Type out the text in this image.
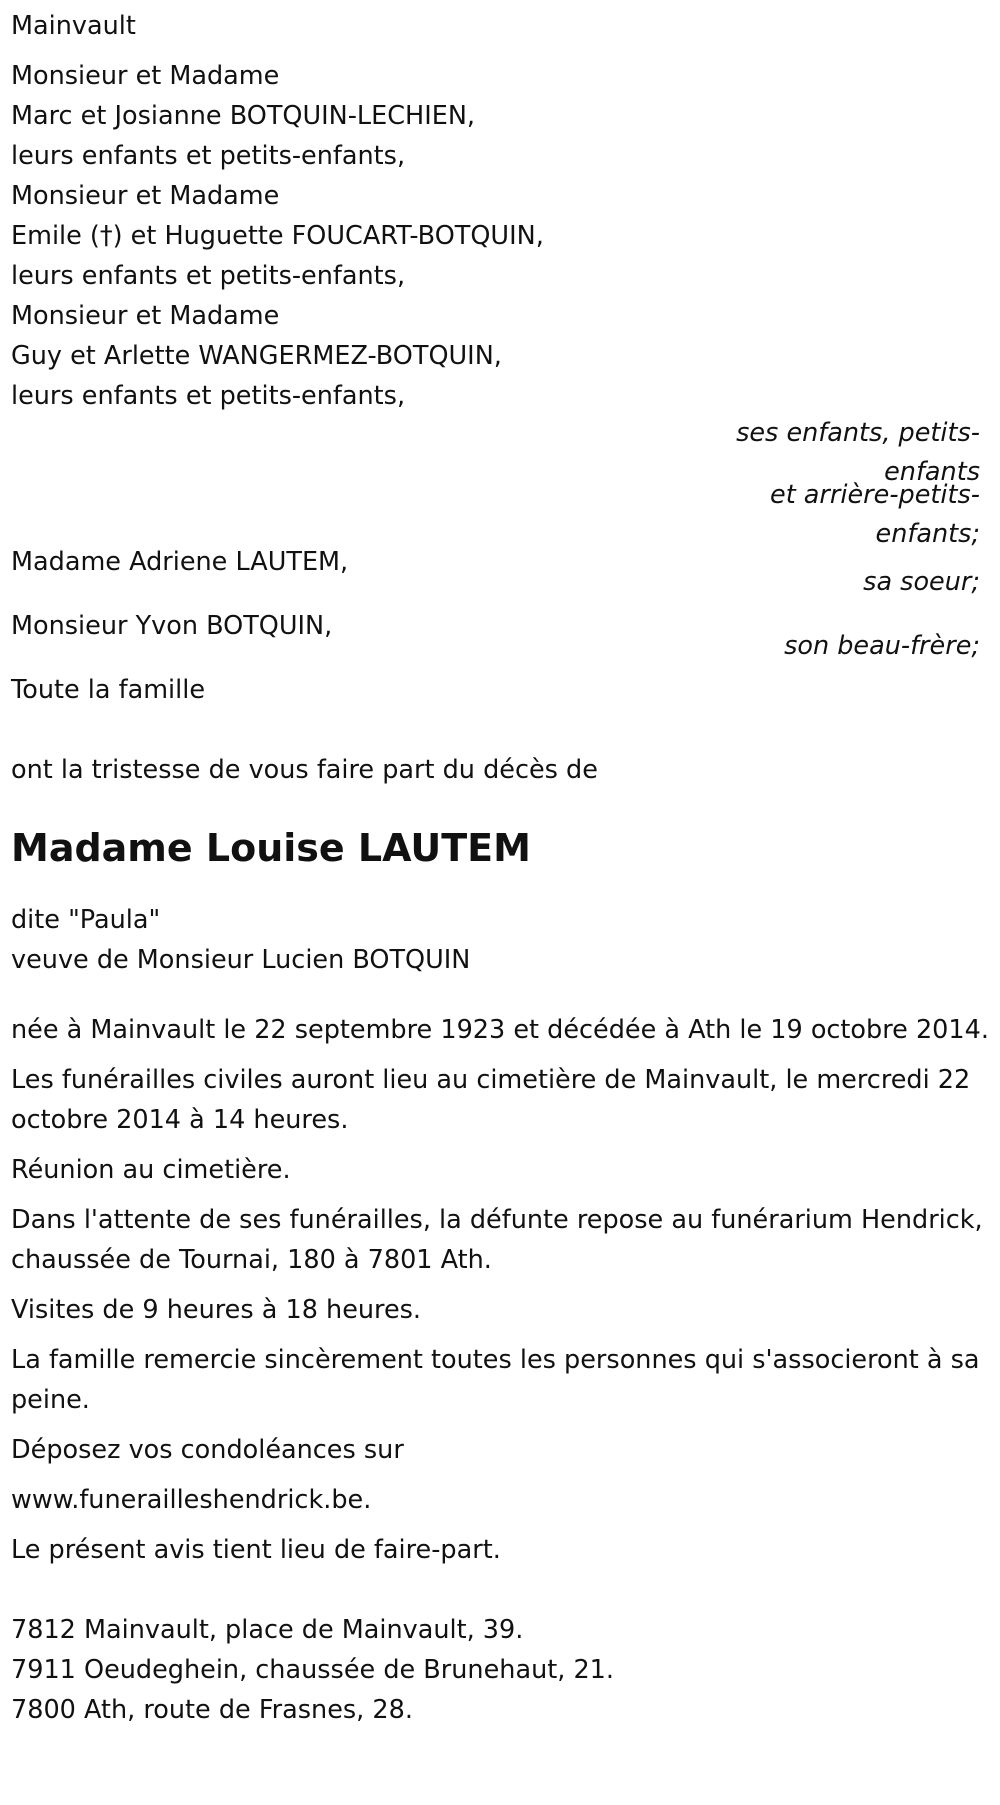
Mainvault
Monsieur et Madame
Marc et Josianne BOTQUIN-LECHIEN,
leurs enfants et petits-enfants,
Monsieur et Madame
Emile (†) et Huguette FOUCART-BOTQUIN,
leurs enfants et petits-enfants,
Monsieur et Madame
Guy et Arlette WANGERMEZ-BOTQUIN,
leurs enfants et petits-enfants,
ses enfants, petits-enfants
et arrière-petits-enfants;
Madame Adriene LAUTEM,
sa soeur;
Monsieur Yvon BOTQUIN,
son beau-frère;
Toute la famille
ont la tristesse de vous faire part du décès de
Madame Louise LAUTEM
dite "Paula"
veuve de Monsieur Lucien BOTQUIN
née à Mainvault le 22 septembre 1923 et décédée à Ath le 19 octobre 2014.
Les funérailles civiles auront lieu au cimetière de Mainvault, le mercredi 22 octobre 2014 à 14 heures.
Réunion au cimetière.
Dans l'attente de ses funérailles, la défunte repose au funérarium Hendrick, chaussée de Tournai, 180 à 7801 Ath.
Visites de 9 heures à 18 heures.
La famille remercie sincèrement toutes les personnes qui s'associeront à sa peine.
Déposez vos condoléances sur
www.funerailleshendrick.be.
Le présent avis tient lieu de faire-part.
7812 Mainvault, place de Mainvault, 39.
7911 Oeudeghein, chaussée de Brunehaut, 21.
7800 Ath, route de Frasnes, 28.
